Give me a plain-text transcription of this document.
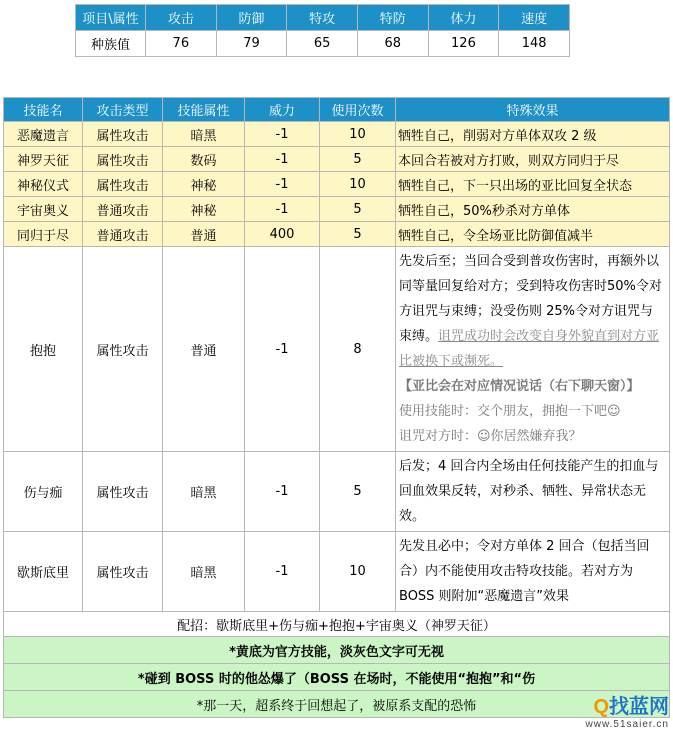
项目\属性	攻击	防御	特攻	特防	体力	速度
种族值	76	79	65	68	126	148
技能名	攻击类型	技能属性	威力	使用次数	特殊效果
恶魔遗言	属性攻击	暗黑	-1	10	牺牲自己，削弱对方单体双攻 2 级
神罗天征	属性攻击	数码	-1	5	本回合若被对方打败，则双方同归于尽
神秘仪式	属性攻击	神秘	-1	10	牺牲自己，下一只出场的亚比回复全状态
宇宙奥义	普通攻击	神秘	-1	5	牺牲自己，50%秒杀对方单体
同归于尽	普通攻击	普通	400	5	牺牲自己，令全场亚比防御值减半
抱抱	属性攻击	普通	-1	8	先发后至；当回合受到普攻伤害时，再额外以同等量回复给对方；受到特攻伤害时50%令对方诅咒与束缚；没受伤则 25%令对方诅咒与束缚。诅咒成功时会改变自身外貌直到对方亚比被换下或濒死。
【亚比会在对应情况说话（右下聊天窗）】
使用技能时：交个朋友，拥抱一下吧☺
诅咒对方时：☺你居然嫌弃我？
伤与痂	属性攻击	暗黑	-1	5	后发；4 回合内全场由任何技能产生的扣血与回血效果反转，对秒杀、牺牲、异常状态无效。
歇斯底里	属性攻击	暗黑	-1	10	先发且必中；令对方单体 2 回合（包括当回合）内不能使用攻击特攻技能。若对方为 BOSS 则附加“恶魔遗言”效果
配招：歇斯底里+伤与痂+抱抱+宇宙奥义（神罗天征）					
*黄底为官方技能，淡灰色文字可无视					
*碰到 BOSS 时的他怂爆了（BOSS 在场时，不能使用“抱抱”和“伤					
*那一天，超系终于回想起了，被原系支配的恐怖						Q找蓝网
www.51saier.cn
